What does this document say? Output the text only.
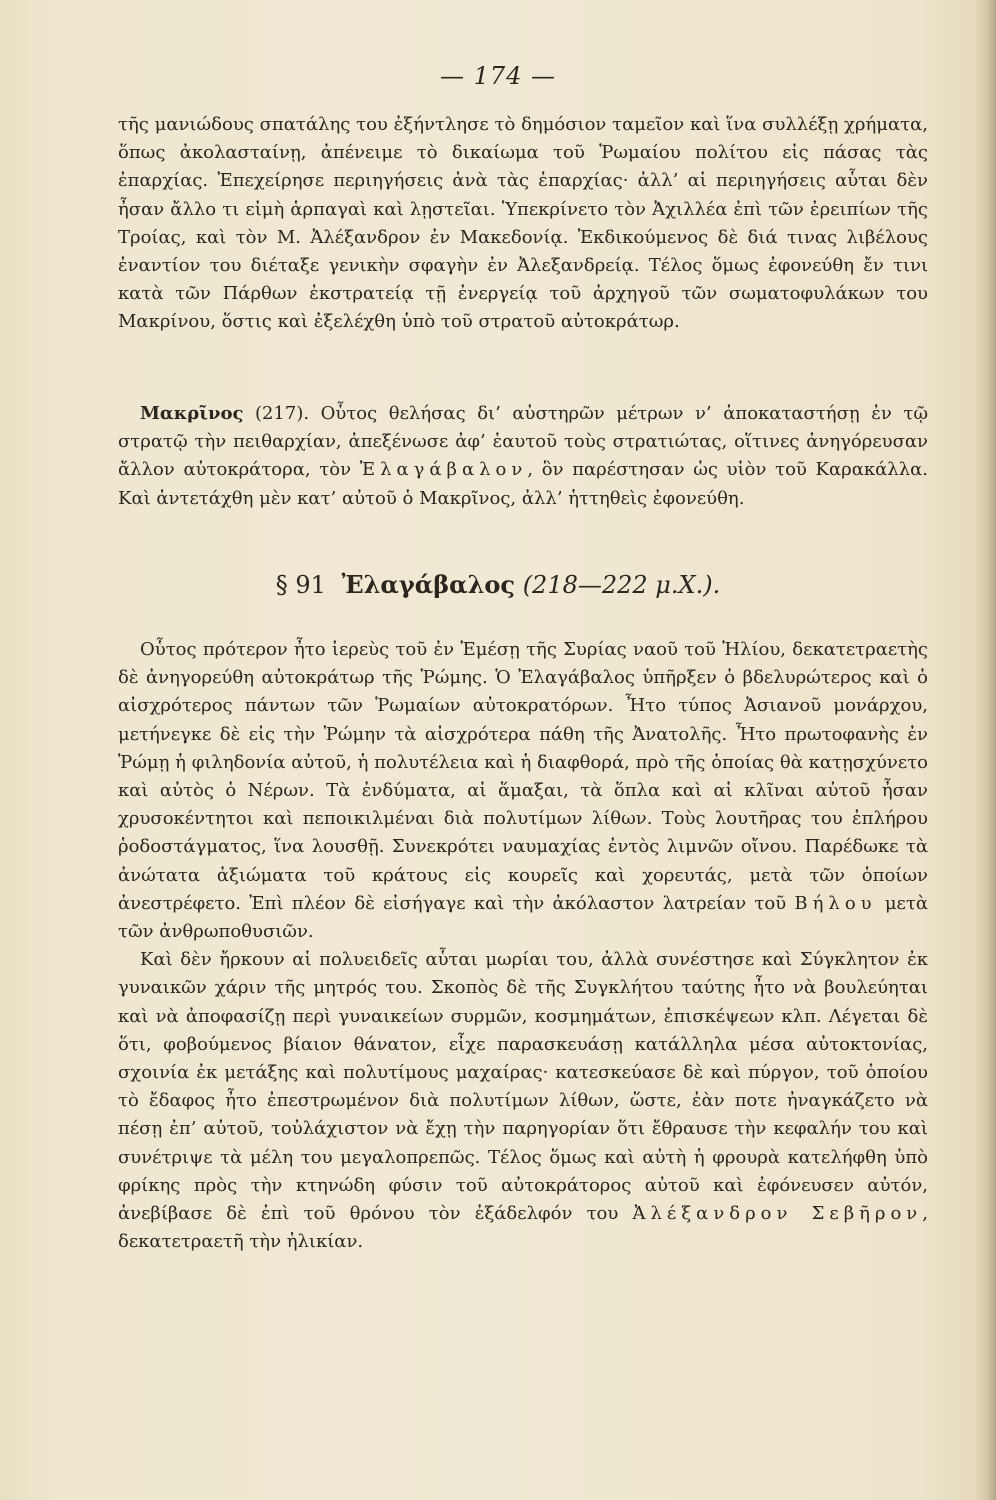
— 174 —

τῆς μανιώδους σπατάλης του ἐξήντλησε τὸ δημόσιον ταμεῖον καὶ ἵνα συλλέξῃ χρήματα, ὅπως ἀκολασταίνῃ, ἀπένειμε τὸ δικαίωμα τοῦ Ῥωμαίου πολίτου εἰς πάσας τὰς ἐπαρχίας. Ἐπεχείρησε περιηγήσεις ἀνὰ τὰς ἐπαρχίας· ἀλλ’ αἱ περιηγήσεις αὗται δὲν ἦσαν ἄλλο τι εἰμὴ ἁρπαγαὶ καὶ λῃστεῖαι. Ὑπεκρίνετο τὸν Ἀχιλλέα ἐπὶ τῶν ἐρειπίων τῆς Τροίας, καὶ τὸν Μ. Ἀλέξανδρον ἐν Μακεδονίᾳ. Ἐκδικούμενος δὲ διά τινας λιβέλους ἐναντίον του διέταξε γενικὴν σφαγὴν ἐν Ἀλεξανδρείᾳ. Τέλος ὅμως ἐφονεύθη ἔν τινι κατὰ τῶν Πάρθων ἐκστρατείᾳ τῇ ἐνεργείᾳ τοῦ ἀρχηγοῦ τῶν σωματοφυλάκων του Μακρίνου, ὅστις καὶ ἐξελέχθη ὑπὸ τοῦ στρατοῦ αὐτοκράτωρ.

Μακρῖνος (217). Οὗτος θελήσας δι’ αὐστηρῶν μέτρων ν’ ἀποκαταστήσῃ ἐν τῷ στρατῷ τὴν πειθαρχίαν, ἀπεξένωσε ἀφ’ ἑαυτοῦ τοὺς στρατιώτας, οἵτινες ἀνηγόρευσαν ἄλλον αὐτοκράτορα, τὸν Ἐλαγάβαλον, ὃν παρέστησαν ὡς υἱὸν τοῦ Καρακάλλα. Καὶ ἀντετάχθη μὲν κατ’ αὐτοῦ ὁ Μακρῖνος, ἀλλ’ ἡττηθεὶς ἐφονεύθη.

§ 91 Ἐλαγάβαλος (218—222 μ.Χ.).

Οὗτος πρότερον ἦτο ἱερεὺς τοῦ ἐν Ἐμέσῃ τῆς Συρίας ναοῦ τοῦ Ἡλίου, δεκατετραετὴς δὲ ἀνηγορεύθη αὐτοκράτωρ τῆς Ῥώμης. Ὁ Ἐλαγάβαλος ὑπῆρξεν ὁ βδελυρώτερος καὶ ὁ αἰσχρότερος πάντων τῶν Ῥωμαίων αὐτοκρατόρων. Ἦτο τύπος Ἀσιανοῦ μονάρχου, μετήνεγκε δὲ εἰς τὴν Ῥώμην τὰ αἰσχρότερα πάθη τῆς Ἀνατολῆς. Ἦτο πρωτοφανὴς ἐν Ῥώμῃ ἡ φιληδονία αὐτοῦ, ἡ πολυτέλεια καὶ ἡ διαφθορά, πρὸ τῆς ὁποίας θὰ κατῃσχύνετο καὶ αὐτὸς ὁ Νέρων. Τὰ ἐνδύματα, αἱ ἅμαξαι, τὰ ὅπλα καὶ αἱ κλῖναι αὐτοῦ ἦσαν χρυσοκέντητοι καὶ πεποικιλμέναι διὰ πολυτίμων λίθων. Τοὺς λουτῆρας του ἐπλήρου ῥοδοστάγματος, ἵνα λουσθῇ. Συνεκρότει ναυμαχίας ἐντὸς λιμνῶν οἴνου. Παρέδωκε τὰ ἀνώτατα ἀξιώματα τοῦ κράτους εἰς κουρεῖς καὶ χορευτάς, μετὰ τῶν ὁποίων ἀνεστρέφετο. Ἐπὶ πλέον δὲ εἰσήγαγε καὶ τὴν ἀκόλαστον λατρείαν τοῦ Βήλου μετὰ τῶν ἀνθρωποθυσιῶν.

Καὶ δὲν ἤρκουν αἱ πολυειδεῖς αὗται μωρίαι του, ἀλλὰ συνέστησε καὶ Σύγκλητον ἐκ γυναικῶν χάριν τῆς μητρός του. Σκοπὸς δὲ τῆς Συγκλήτου ταύτης ἦτο νὰ βουλεύηται καὶ νὰ ἀποφασίζῃ περὶ γυναικείων συρμῶν, κοσμημάτων, ἐπισκέψεων κλπ. Λέγεται δὲ ὅτι, φοβούμενος βίαιον θάνατον, εἶχε παρασκευάσῃ κατάλληλα μέσα αὐτοκτονίας, σχοινία ἐκ μετάξης καὶ πολυτίμους μαχαίρας· κατεσκεύασε δὲ καὶ πύργον, τοῦ ὁποίου τὸ ἔδαφος ἦτο ἐπεστρωμένον διὰ πολυτίμων λίθων, ὥστε, ἐὰν ποτε ἠναγκάζετο νὰ πέσῃ ἐπ’ αὐτοῦ, τοὐλάχιστον νὰ ἔχῃ τὴν παρηγορίαν ὅτι ἔθραυσε τὴν κεφαλήν του καὶ συνέτριψε τὰ μέλη του μεγαλοπρεπῶς. Τέλος ὅμως καὶ αὐτὴ ἡ φρουρὰ κατελήφθη ὑπὸ φρίκης πρὸς τὴν κτηνώδη φύσιν τοῦ αὐτοκράτορος αὐτοῦ καὶ ἐφόνευσεν αὐτόν, ἀνεβίβασε δὲ ἐπὶ τοῦ θρόνου τὸν ἐξάδελφόν του Ἀλέξανδρον Σεβῆρον, δεκατετραετῆ τὴν ἡλικίαν.
